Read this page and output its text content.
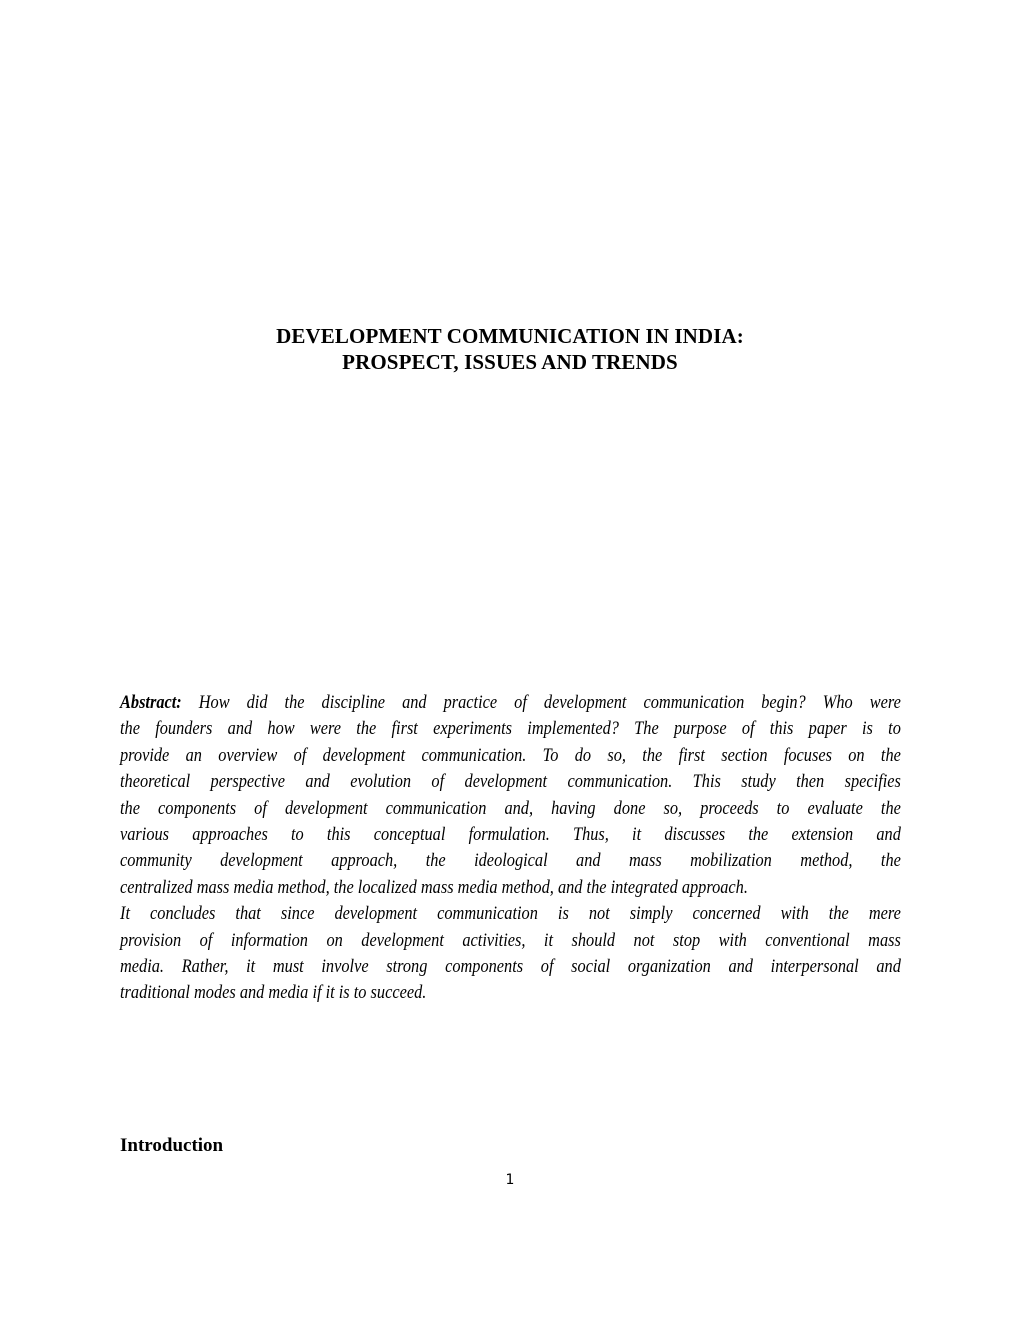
DEVELOPMENT COMMUNICATION IN INDIA:
PROSPECT, ISSUES AND TRENDS
Abstract: How did the discipline and practice of development communication begin? Who were
the founders and how were the first experiments implemented? The purpose of this paper is to
provide an overview of development communication. To do so, the first section focuses on the
theoretical perspective and evolution of development communication. This study then specifies
the components of development communication and, having done so, proceeds to evaluate the
various approaches to this conceptual formulation. Thus, it discusses the extension and
community development approach, the ideological and mass mobilization method, the
centralized mass media method, the localized mass media method, and the integrated approach.
It concludes that since development communication is not simply concerned with the mere
provision of information on development activities, it should not stop with conventional mass
media. Rather, it must involve strong components of social organization and interpersonal and
traditional modes and media if it is to succeed.
Introduction
1
